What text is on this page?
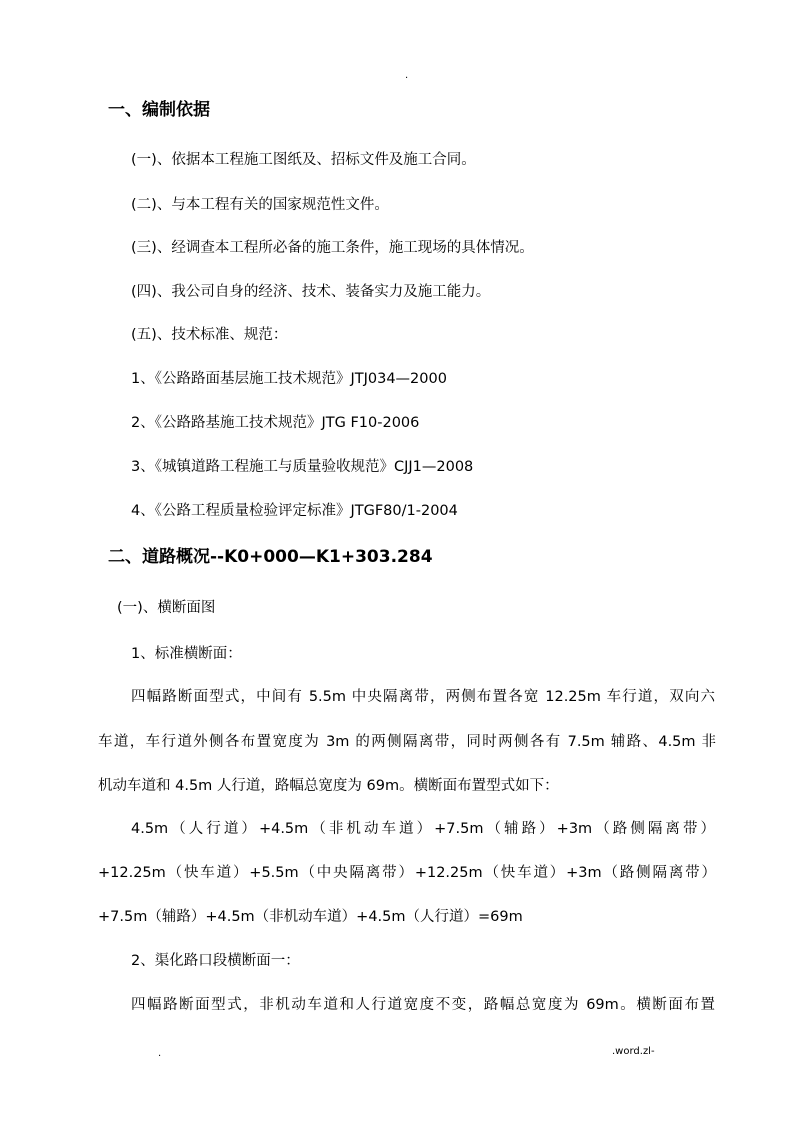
.
一、编制依据
(一)、依据本工程施工图纸及、招标文件及施工合同。
(二)、与本工程有关的国家规范性文件。
(三)、经调查本工程所必备的施工条件，施工现场的具体情况。
(四)、我公司自身的经济、技术、装备实力及施工能力。
(五)、技术标准、规范：
1、《公路路面基层施工技术规范》JTJ034—2000
2、《公路路基施工技术规范》JTG F10-2006
3、《城镇道路工程施工与质量验收规范》CJJ1—2008
4、《公路工程质量检验评定标准》JTGF80/1-2004
二、道路概况--K0+000—K1+303.284
(一)、横断面图
1、标准横断面：
四幅路断面型式，中间有 5.5m 中央隔离带，两侧布置各宽 12.25m 车行道，双向六
车道，车行道外侧各布置宽度为 3m 的两侧隔离带，同时两侧各有 7.5m 辅路、4.5m 非
机动车道和 4.5m 人行道，路幅总宽度为 69m。横断面布置型式如下：
4.5m（人行道）+4.5m（非机动车道）+7.5m（辅路）+3m（路侧隔离带）
+12.25m（快车道）+5.5m（中央隔离带）+12.25m（快车道）+3m（路侧隔离带）
+7.5m（辅路）+4.5m（非机动车道）+4.5m（人行道）=69m
2、渠化路口段横断面一：
四幅路断面型式，非机动车道和人行道宽度不变，路幅总宽度为 69m。横断面布置
.	.word.zl-
